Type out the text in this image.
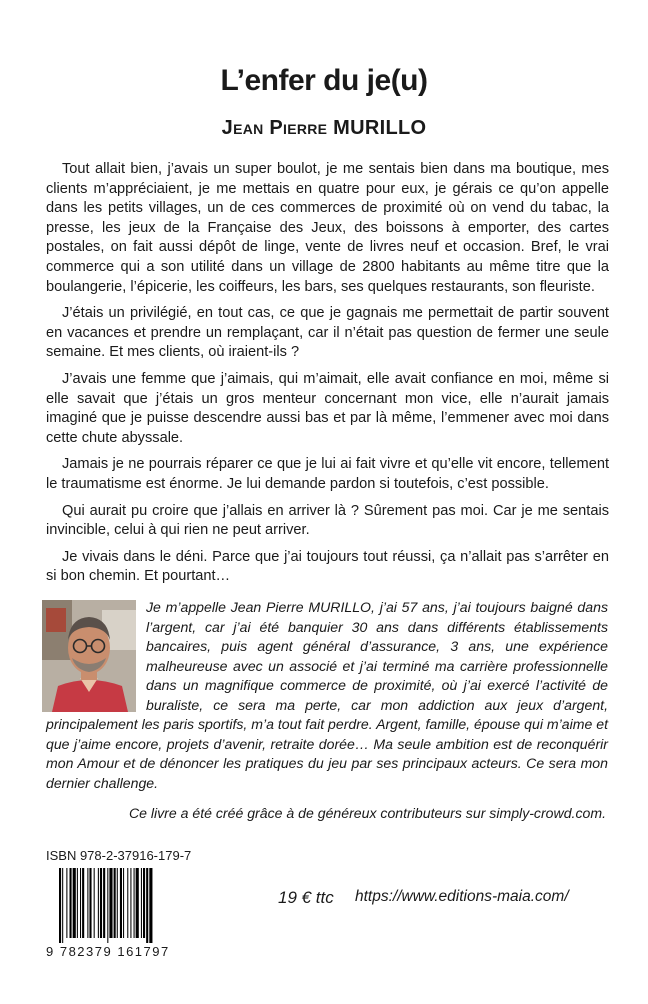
L’enfer du je(u)
Jean Pierre MURILLO

Tout allait bien, j’avais un super boulot, je me sentais bien dans ma boutique, mes clients m’appréciaient, je me mettais en quatre pour eux, je gérais ce qu’on appelle dans les petits villages, un de ces commerces de proximité où on vend du tabac, la presse, les jeux de la Française des Jeux, des boissons à emporter, des cartes postales, on fait aussi dépôt de linge, vente de livres neuf et occasion. Bref, le vrai commerce qui a son utilité dans un village de 2800 habitants au même titre que la boulangerie, l’épicerie, les coiffeurs, les bars, ses quelques restaurants, son fleuriste.

J’étais un privilégié, en tout cas, ce que je gagnais me permettait de partir souvent en vacances et prendre un remplaçant, car il n’était pas question de fermer une seule semaine. Et mes clients, où iraient-ils ?

J’avais une femme que j’aimais, qui m’aimait, elle avait confiance en moi, même si elle savait que j’étais un gros menteur concernant mon vice, elle n’aurait jamais imaginé que je puisse descendre aussi bas et par là même, l’emmener avec moi dans cette chute abyssale.

Jamais je ne pourrais réparer ce que je lui ai fait vivre et qu’elle vit encore, tellement le traumatisme est énorme. Je lui demande pardon si toutefois, c’est possible.

Qui aurait pu croire que j’allais en arriver là ? Sûrement pas moi. Car je me sentais invincible, celui à qui rien ne peut arriver.

Je vivais dans le déni. Parce que j’ai toujours tout réussi, ça n’allait pas s’arrêter en si bon chemin. Et pourtant…

Je m’appelle Jean Pierre MURILLO, j’ai 57 ans, j’ai toujours baigné dans l’argent, car j’ai été banquier 30 ans dans différents établissements bancaires, puis agent général d’assurance, 3 ans, une expérience malheureuse avec un associé et j’ai terminé ma carrière professionnelle dans un magnifique commerce de proximité, où j’ai exercé l’activité de buraliste, ce sera ma perte, car mon addiction aux jeux d’argent, principalement les paris sportifs, m’a tout fait perdre. Argent, famille, épouse qui m’aime et que j’aime encore, projets d’avenir, retraite dorée… Ma seule ambition est de reconquérir mon Amour et de dénoncer les pratiques du jeu par ses principaux acteurs. Ce sera mon dernier challenge.

Ce livre a été créé grâce à de généreux contributeurs sur simply-crowd.com.
ISBN 978-2-37916-179-7
9 782379 161797
19 € ttc https://www.editions-maia.com/
